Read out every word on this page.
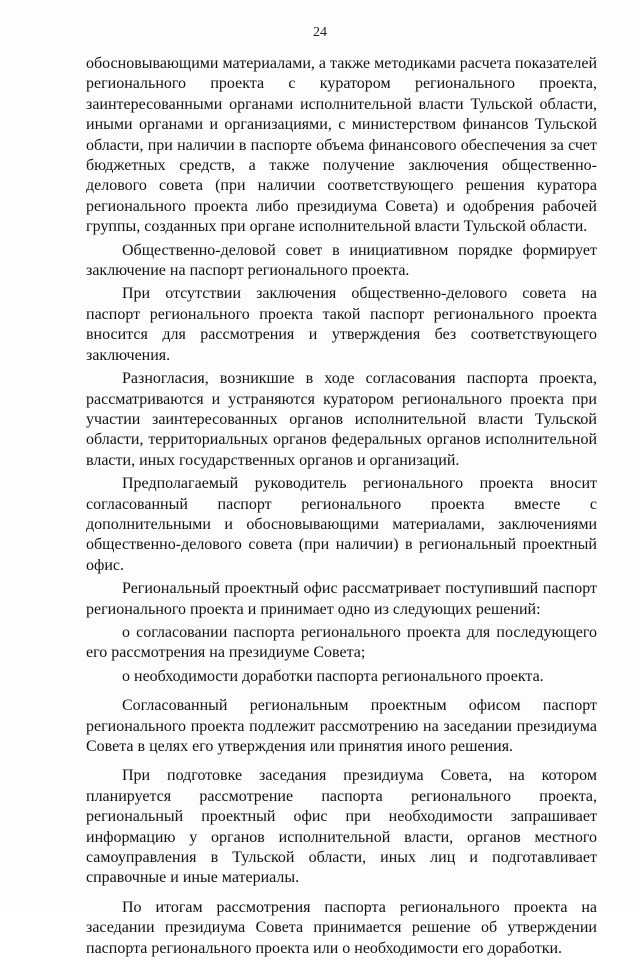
24

обосновывающими материалами, а также методиками расчета показателей регионального проекта с куратором регионального проекта, заинтересованными органами исполнительной власти Тульской области, иными органами и организациями, с министерством финансов Тульской области, при наличии в паспорте объема финансового обеспечения за счет бюджетных средств, а также получение заключения общественно-делового совета (при наличии соответствующего решения куратора регионального проекта либо президиума Совета) и одобрения рабочей группы, созданных при органе исполнительной власти Тульской области.

Общественно-деловой совет в инициативном порядке формирует заключение на паспорт регионального проекта.

При отсутствии заключения общественно-делового совета на паспорт регионального проекта такой паспорт регионального проекта вносится для рассмотрения и утверждения без соответствующего заключения.

Разногласия, возникшие в ходе согласования паспорта проекта, рассматриваются и устраняются куратором регионального проекта при участии заинтересованных органов исполнительной власти Тульской области, территориальных органов федеральных органов исполнительной власти, иных государственных органов и организаций.

Предполагаемый руководитель регионального проекта вносит согласованный паспорт регионального проекта вместе с дополнительными и обосновывающими материалами, заключениями общественно-делового совета (при наличии) в региональный проектный офис.

Региональный проектный офис рассматривает поступивший паспорт регионального проекта и принимает одно из следующих решений:

о согласовании паспорта регионального проекта для последующего его рассмотрения на президиуме Совета;

о необходимости доработки паспорта регионального проекта.

Согласованный региональным проектным офисом паспорт регионального проекта подлежит рассмотрению на заседании президиума Совета в целях его утверждения или принятия иного решения.

При подготовке заседания президиума Совета, на котором планируется рассмотрение паспорта регионального проекта, региональный проектный офис при необходимости запрашивает информацию у органов исполнительной власти, органов местного самоуправления в Тульской области, иных лиц и подготавливает справочные и иные материалы.

По итогам рассмотрения паспорта регионального проекта на заседании президиума Совета принимается решение об утверждении паспорта регионального проекта или о необходимости его доработки.
